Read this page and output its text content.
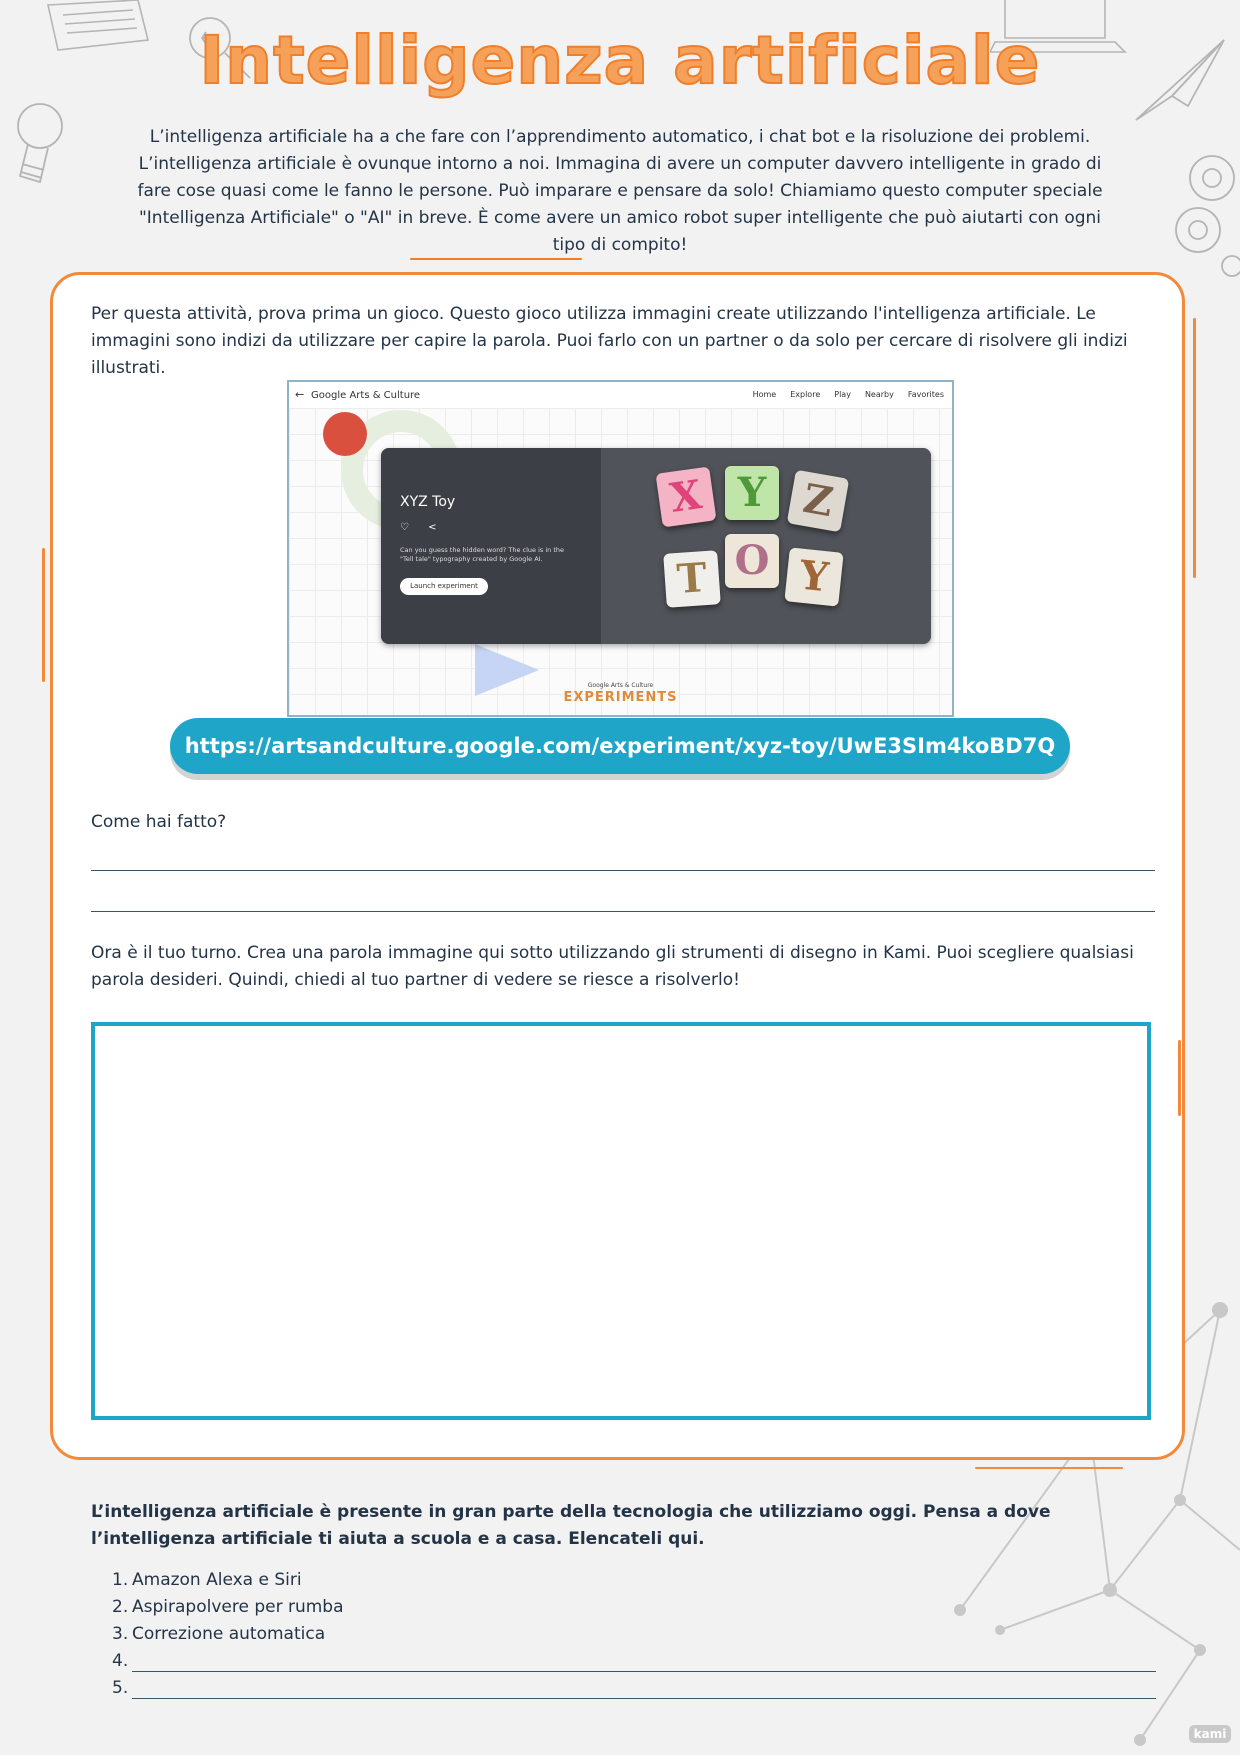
Intelligenza artificiale

L’intelligenza artificiale ha a che fare con l’apprendimento automatico, i chat bot e la risoluzione dei problemi. L’intelligenza artificiale è ovunque intorno a noi. Immagina di avere un computer davvero intelligente in grado di fare cose quasi come le fanno le persone. Può imparare e pensare da solo! Chiamiamo questo computer speciale "Intelligenza Artificiale" o "AI" in breve. È come avere un amico robot super intelligente che può aiutarti con ogni tipo di compito!

Per questa attività, prova prima un gioco. Questo gioco utilizza immagini create utilizzando l'intelligenza artificiale. Le immagini sono indizi da utilizzare per capire la parola. Puoi farlo con un partner o da solo per cercare di risolvere gli indizi illustrati.

← Google Arts & Culture	Home Explore Play Nearby Favorites
XYZ Toy
♡ <
Can you guess the hidden word? The clue is in the "Tell tale" typography created by Google AI.
Launch experiment
X Y Z
T O Y
Google Arts & Culture
EXPERIMENTS
https://artsandculture.google.com/experiment/xyz-toy/UwE3SIm4koBD7Q

Come hai fatto?

Ora è il tuo turno. Crea una parola immagine qui sotto utilizzando gli strumenti di disegno in Kami. Puoi scegliere qualsiasi parola desideri. Quindi, chiedi al tuo partner di vedere se riesce a risolverlo!

L’intelligenza artificiale è presente in gran parte della tecnologia che utilizziamo oggi. Pensa a dove l’intelligenza artificiale ti aiuta a scuola e a casa. Elencateli qui.

1. Amazon Alexa e Siri
2. Aspirapolvere per rumba
3. Correzione automatica
4.
5.
kami
